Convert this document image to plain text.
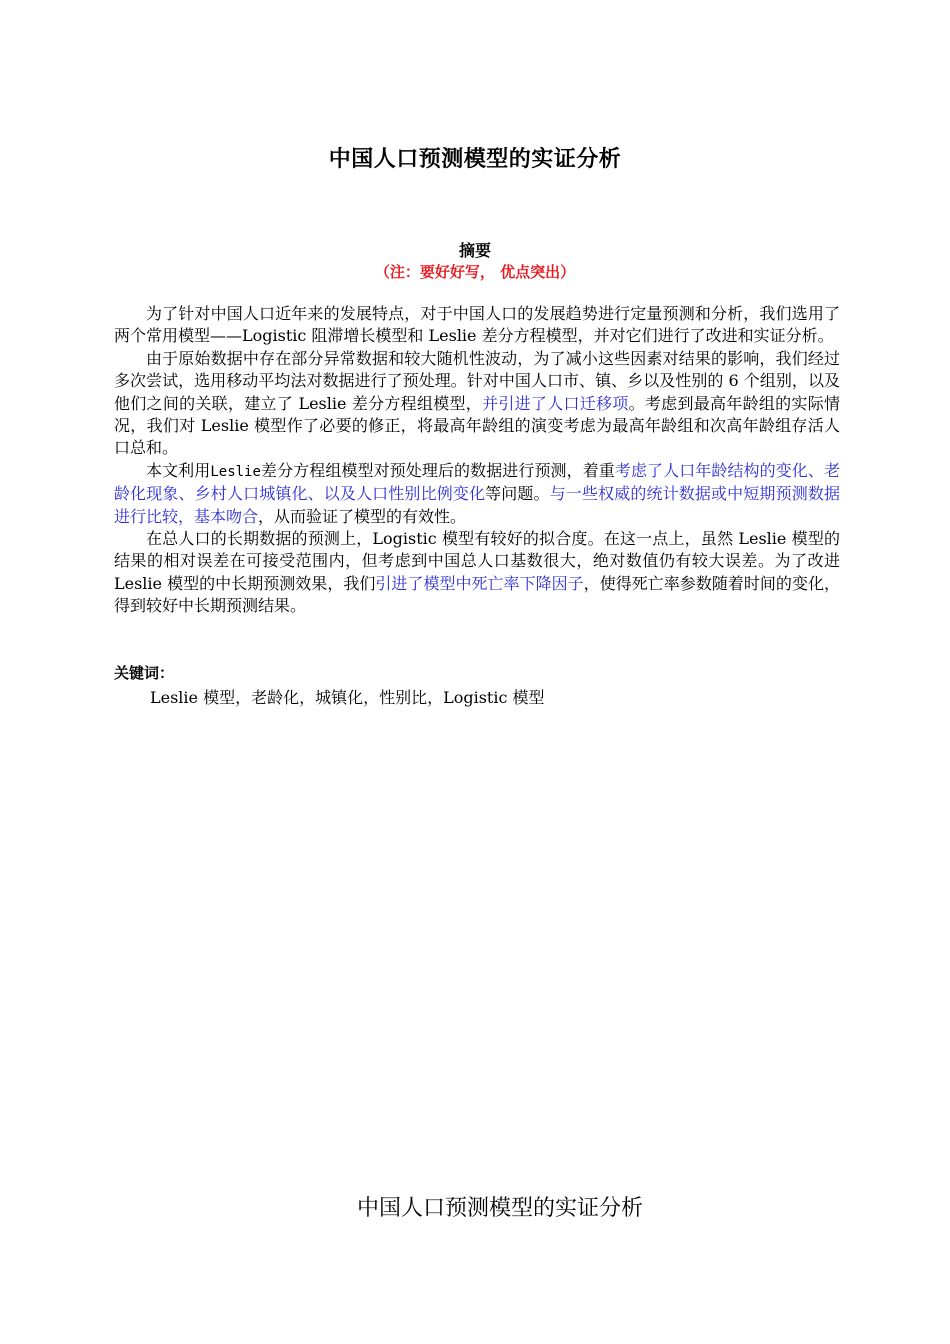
中国人口预测模型的实证分析
摘要
（注：要好好写， 优点突出）

为了针对中国人口近年来的发展特点，对于中国人口的发展趋势进行定量预测和分析，我们选用了两个常用模型——Logistic 阻滞增长模型和 Leslie 差分方程模型，并对它们进行了改进和实证分析。

由于原始数据中存在部分异常数据和较大随机性波动，为了减小这些因素对结果的影响，我们经过多次尝试，选用移动平均法对数据进行了预处理。针对中国人口市、镇、乡以及性别的 6 个组别，以及他们之间的关联，建立了 Leslie 差分方程组模型，并引进了人口迁移项。考虑到最高年龄组的实际情况，我们对 Leslie 模型作了必要的修正，将最高年龄组的演变考虑为最高年龄组和次高年龄组存活人口总和。

本文利用Leslie差分方程组模型对预处理后的数据进行预测，着重考虑了人口年龄结构的变化、老龄化现象、乡村人口城镇化、以及人口性别比例变化等问题。与一些权威的统计数据或中短期预测数据进行比较，基本吻合，从而验证了模型的有效性。

在总人口的长期数据的预测上，Logistic 模型有较好的拟合度。在这一点上，虽然 Leslie 模型的结果的相对误差在可接受范围内，但考虑到中国总人口基数很大，绝对数值仍有较大误差。为了改进 Leslie 模型的中长期预测效果，我们引进了模型中死亡率下降因子，使得死亡率参数随着时间的变化，得到较好中长期预测结果。

关键词：
Leslie 模型，老龄化，城镇化，性别比，Logistic 模型
中国人口预测模型的实证分析
